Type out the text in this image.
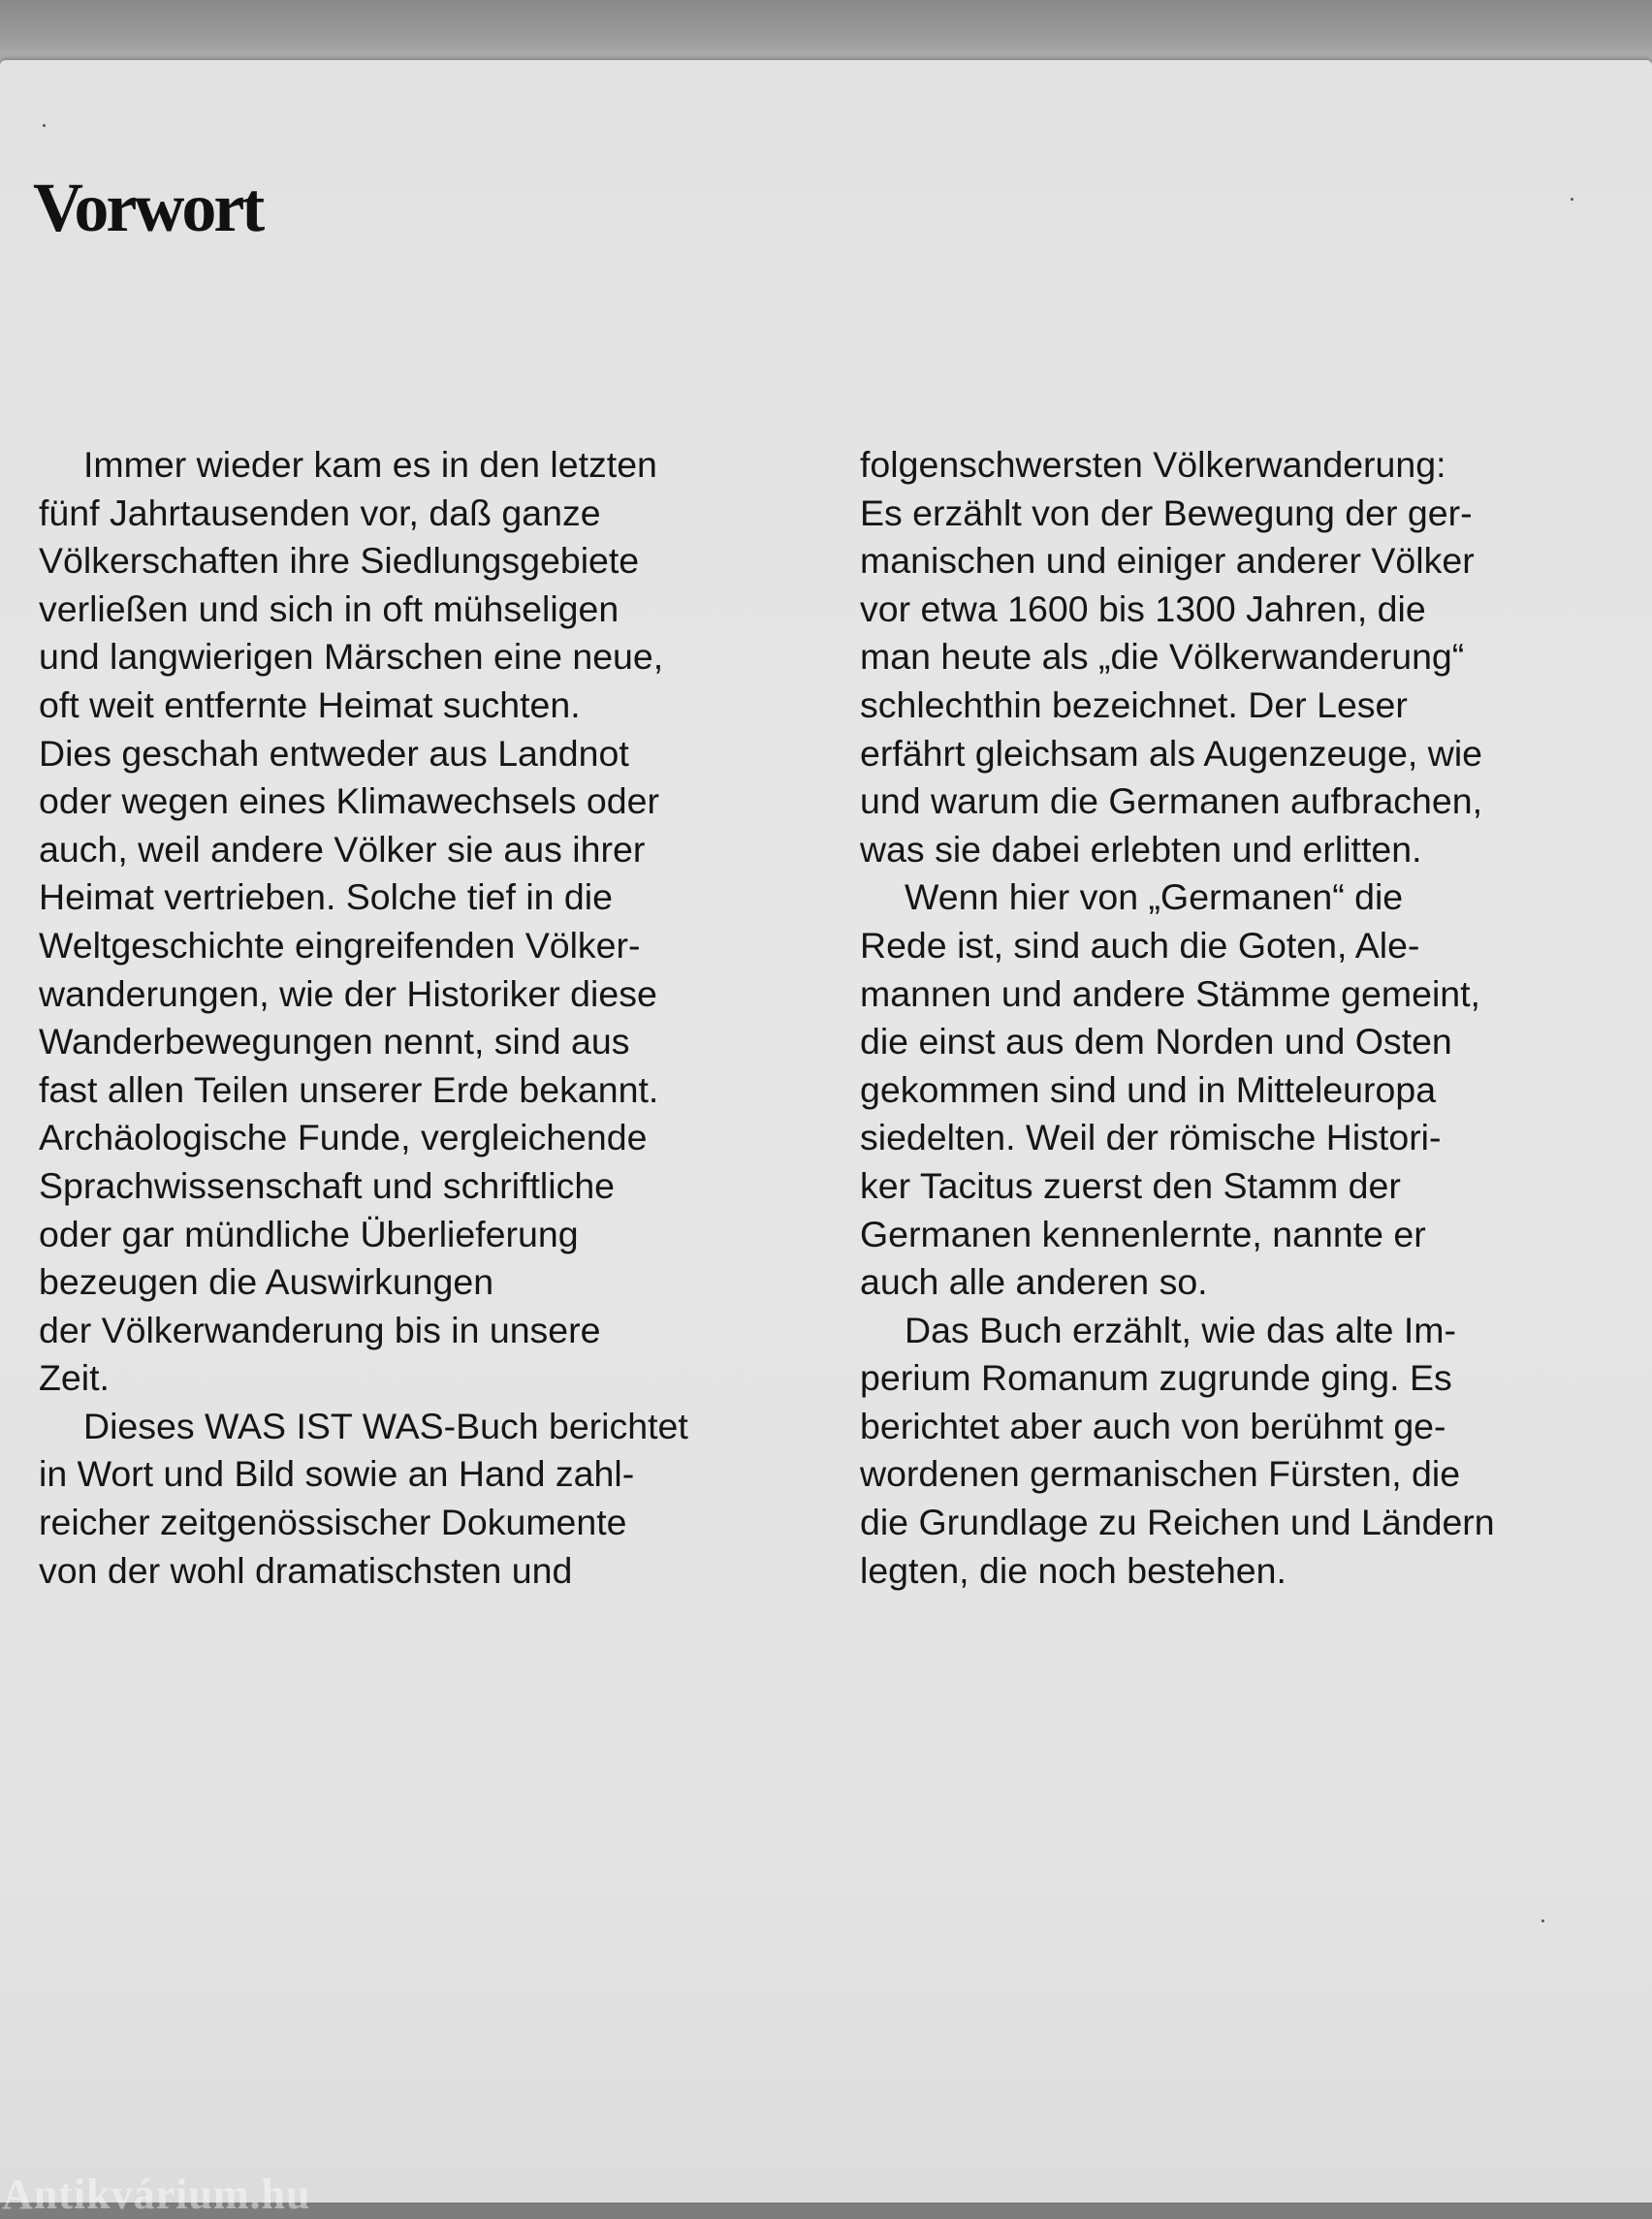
Vorwort
Immer wieder kam es in den letzten
fünf Jahrtausenden vor, daß ganze
Völkerschaften ihre Siedlungsgebiete
verließen und sich in oft mühseligen
und langwierigen Märschen eine neue,
oft weit entfernte Heimat suchten.
Dies geschah entweder aus Landnot
oder wegen eines Klimawechsels oder
auch, weil andere Völker sie aus ihrer
Heimat vertrieben. Solche tief in die
Weltgeschichte eingreifenden Völker-
wanderungen, wie der Historiker diese
Wanderbewegungen nennt, sind aus
fast allen Teilen unserer Erde bekannt.
Archäologische Funde, vergleichende
Sprachwissenschaft und schriftliche
oder gar mündliche Überlieferung
bezeugen die Auswirkungen
der Völkerwanderung bis in unsere
Zeit.
Dieses WAS IST WAS-Buch berichtet
in Wort und Bild sowie an Hand zahl-
reicher zeitgenössischer Dokumente
von der wohl dramatischsten und
folgenschwersten Völkerwanderung:
Es erzählt von der Bewegung der ger-
manischen und einiger anderer Völker
vor etwa 1600 bis 1300 Jahren, die
man heute als „die Völkerwanderung“
schlechthin bezeichnet. Der Leser
erfährt gleichsam als Augenzeuge, wie
und warum die Germanen aufbrachen,
was sie dabei erlebten und erlitten.
Wenn hier von „Germanen“ die
Rede ist, sind auch die Goten, Ale-
mannen und andere Stämme gemeint,
die einst aus dem Norden und Osten
gekommen sind und in Mitteleuropa
siedelten. Weil der römische Histori-
ker Tacitus zuerst den Stamm der
Germanen kennenlernte, nannte er
auch alle anderen so.
Das Buch erzählt, wie das alte Im-
perium Romanum zugrunde ging. Es
berichtet aber auch von berühmt ge-
wordenen germanischen Fürsten, die
die Grundlage zu Reichen und Ländern
legten, die noch bestehen.
Antikvárium.hu
